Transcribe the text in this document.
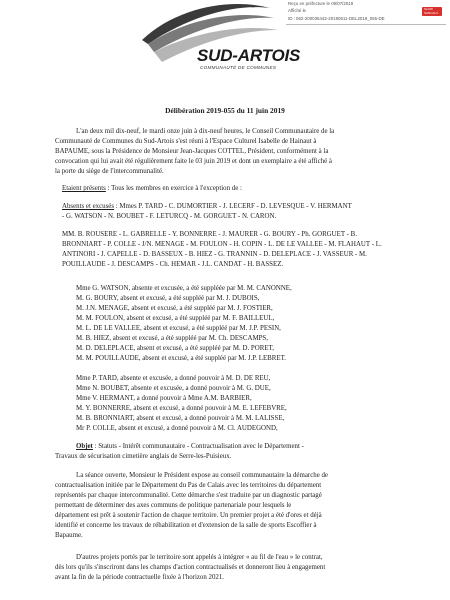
Reçu en préfecture le 09/07/2019
Affiché le
ID : 062-200035442-20190611-DEL2019_055-DE
SLOW
SURCALC
SUD-ARTOIS
COMMUNAUTÉ DE COMMUNES
Délibération 2019-055 du 11 juin 2019
L'an deux mil dix-neuf, le mardi onze juin à dix-neuf heures, le Conseil Communautaire de la
Communauté de Communes du Sud-Artois s'est réuni à l'Espace Culturel Isabelle de Hainaut à
BAPAUME, sous la Présidence de Monsieur Jean-Jacques COTTEL, Président, conformément à la
convocation qui lui avait été régulièrement faite le 03 juin 2019 et dont un exemplaire a été affiché à
la porte du siège de l'intercommunalité.
Etaient présents : Tous les membres en exercice à l'exception de :
Absents et excusés : Mmes P. TARD - C. DUMORTIER - J. LECERF - D. LEVESQUE - V. HERMANT
- G. WATSON - N. BOUBET - F. LETURCQ - M. GORGUET - N. CARON.
MM. B. ROUSERE - L. GABRELLE - Y. BONNERRE - J. MAURER - G. BOURY - Ph. GORGUET - B.
BRONNIART - P. COLLE - J/N. MENAGE - M. FOULON - H. COPIN - L. DE LE VALLEE - M. FLAHAUT - L.
ANTINORI - J. CAPELLE - D. BASSEUX - B. HIEZ - G. TRANNIN - D. DELEPLACE - J. VASSEUR - M.
POUILLAUDE - J. DESCAMPS - Ch. HEMAR - J.L. CANDAT - H. BASSEZ.
Mme G. WATSON, absente et excusée, a été suppléée par M. M. CANONNE,
M. G. BOURY, absent et excusé, a été suppléé par M. J. DUBOIS,
M. J.N. MENAGE, absent et excusé, a été suppléé par M. J. FOSTIER,
M. M. FOULON, absent et excusé, a été suppléé par M. F. BAILLEUL,
M. L. DE LE VALLEE, absent et excusé, a été suppléé par M. J.P. PESIN,
M. B. HIEZ, absent et excusé, a été suppléé par M. Ch. DESCAMPS,
M. D. DELEPLACE, absent et excusé, a été suppléé par M. D. PORET,
M. M. POUILLAUDE, absent et excusé, a été suppléé par M. J.P. LEBRET.
Mme P. TARD, absente et excusée, a donné pouvoir à M. D. DE REU,
Mme N. BOUBET, absente et excusée, a donné pouvoir à M. G. DUE,
Mme V. HERMANT, a donné pouvoir à Mme A.M. BARBIER,
M. Y. BONNERRE, absent et excusé, a donné pouvoir à M. E. LEFEBVRE,
M. B. BRONNIART, absent et excusé, a donné pouvoir à M. M. LALISSE,
Mr P. COLLE, absent et excusé, a donné pouvoir à M. Cl. AUDEGOND,
Objet : Statuts - Intérêt communautaire - Contractualisation avec le Département -
Travaux de sécurisation cimetière anglais de Serre-les-Puisieux.
La séance ouverte, Monsieur le Président expose au conseil communautaire la démarche de
contractualisation initiée par le Département du Pas de Calais avec les territoires du département
représentés par chaque intercommunalité. Cette démarche s'est traduite par un diagnostic partagé
permettant de déterminer des axes communs de politique partenariale pour lesquels le
département est prêt à soutenir l'action de chaque territoire. Un premier projet a été d'ores et déjà
identifié et concerne les travaux de réhabilitation et d'extension de la salle de sports Escoffier à
Bapaume.
D'autres projets portés par le territoire sont appelés à intégrer « au fil de l'eau » le contrat,
dès lors qu'ils s'inscriront dans les champs d'action contractualisés et donneront lieu à engagement
avant la fin de la période contractuelle fixée à l'horizon 2021.
